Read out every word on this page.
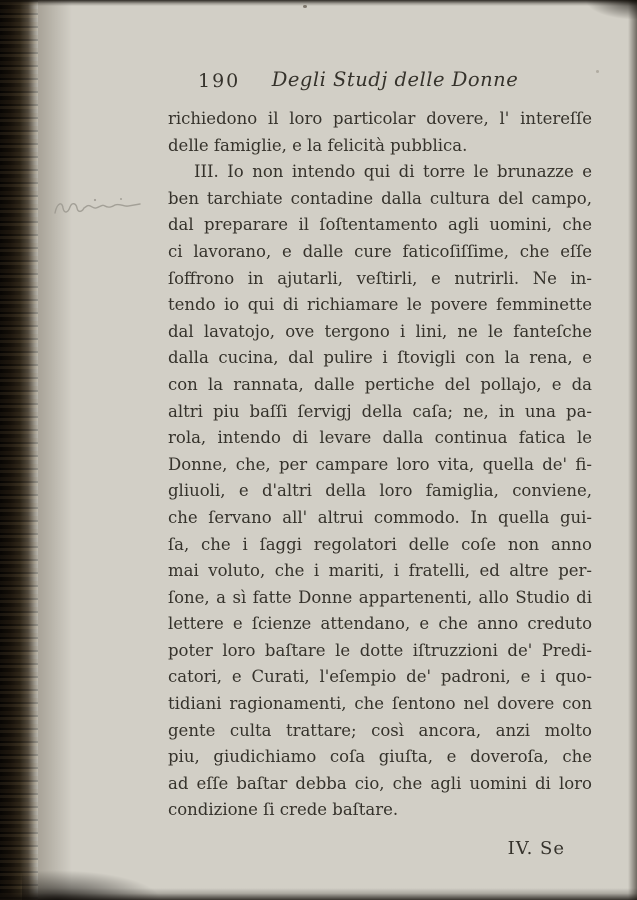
190	Degli Studj delle Donne
richiedono il loro particolar dovere, l' intereſſe
delle famiglie, e la felicità pubblica.
III. Io non intendo qui di torre le brunazze e
ben tarchiate contadine dalla cultura del campo,
dal preparare il ſoſtentamento agli uomini, che
ci lavorano, e dalle cure faticoſiſſime, che eſſe
ſoffrono in ajutarli, veſtirli, e nutrirli. Ne in-
tendo io qui di richiamare le povere femminette
dal lavatojo, ove tergono i lini, ne le fanteſche
dalla cucina, dal pulire i ſtovigli con la rena, e
con la rannata, dalle pertiche del pollajo, e da
altri piu baſſi ſervigj della caſa; ne, in una pa-
rola, intendo di levare dalla continua fatica le
Donne, che, per campare loro vita, quella de' fi-
gliuoli, e d'altri della loro famiglia, conviene,
che ſervano all' altrui commodo. In quella gui-
ſa, che i ſaggi regolatori delle coſe non anno
mai voluto, che i mariti, i fratelli, ed altre per-
ſone, a sì fatte Donne appartenenti, allo Studio di
lettere e ſcienze attendano, e che anno creduto
poter loro baſtare le dotte iſtruzzioni de' Predi-
catori, e Curati, l'eſempio de' padroni, e i quo-
tidiani ragionamenti, che ſentono nel dovere con
gente culta trattare; così ancora, anzi molto
piu, giudichiamo coſa giuſta, e doveroſa, che
ad eſſe baſtar debba cio, che agli uomini di loro
condizione ſi crede baſtare.
IV. Se
